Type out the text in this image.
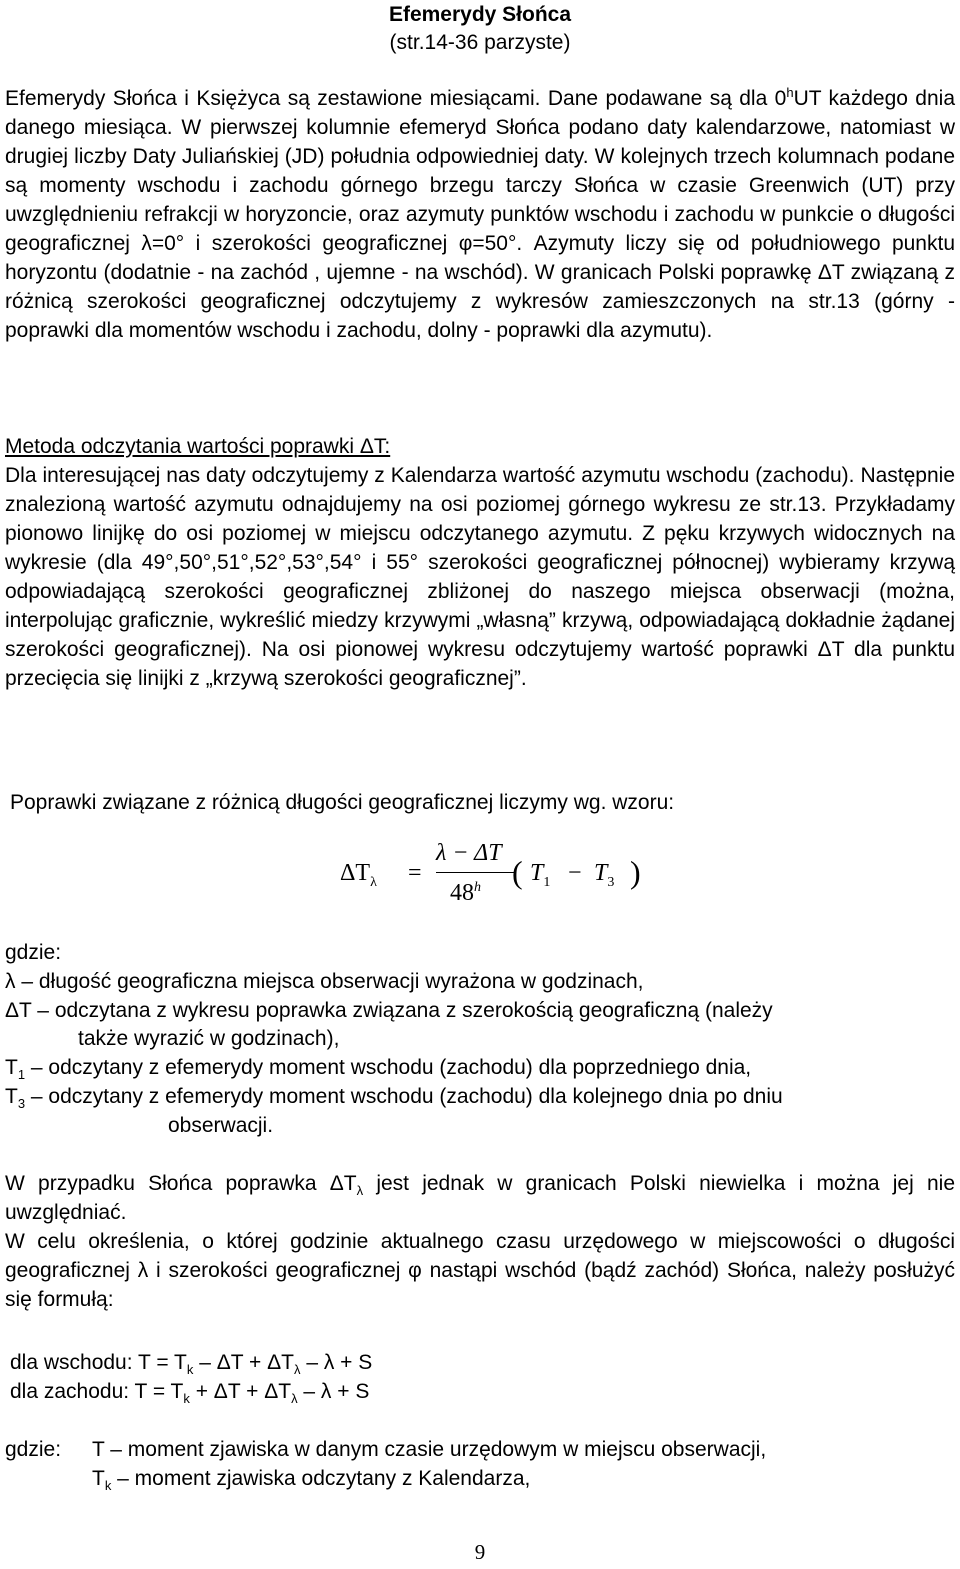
Efemerydy Słońca
(str.14-36 parzyste)

Efemerydy Słońca i Księżyca są zestawione miesiącami. Dane podawane są dla 0$^h$UT każdego dnia danego miesiąca. W pierwszej kolumnie efemeryd Słońca podano daty kalendarzowe, natomiast w drugiej liczby Daty Juliańskiej (JD) południa odpowiedniej daty. W kolejnych trzech kolumnach podane są momenty wschodu i zachodu górnego brzegu tarczy Słońca w czasie Greenwich (UT) przy uwzględnieniu refrakcji w horyzoncie, oraz azymuty punktów wschodu i zachodu w punkcie o długości geograficznej λ=0° i szerokości geograficznej φ=50°. Azymuty liczy się od południowego punktu horyzontu (dodatnie - na zachód , ujemne - na wschód). W granicach Polski poprawkę ΔT związaną z różnicą szerokości geograficznej odczytujemy z wykresów zamieszczonych na str.13 (górny - poprawki dla momentów wschodu i zachodu, dolny - poprawki dla azymutu).

Metoda odczytania wartości poprawki ΔT:

Dla interesującej nas daty odczytujemy z Kalendarza wartość azymutu wschodu (zachodu). Następnie znalezioną wartość azymutu odnajdujemy na osi poziomej górnego wykresu ze str.13. Przykładamy pionowo linijkę do osi poziomej w miejscu odczytanego azymutu. Z pęku krzywych widocznych na wykresie (dla 49°,50°,51°,52°,53°,54° i 55° szerokości geograficznej północnej) wybieramy krzywą odpowiadającą szerokości geograficznej zbliżonej do naszego miejsca obserwacji (można, interpolując graficznie, wykreślić miedzy krzywymi „własną” krzywą, odpowiadającą dokładnie żądanej szerokości geograficznej). Na osi pionowej wykresu odczytujemy wartość poprawki ΔT dla punktu przecięcia się linijki z „krzywą szerokości geograficznej”.

Poprawki związane z różnicą długości geograficznej liczymy wg. wzoru:
$\Delta T_\lambda$ =
λ − ΔT
48$^h$ ( $T_1 - T_3$ )
gdzie:
λ – długość geograficzna miejsca obserwacji wyrażona w godzinach,
ΔT – odczytana z wykresu poprawka związana z szerokością geograficzną (należy
także wyrazić w godzinach),
$T_1$ – odczytany z efemerydy moment wschodu (zachodu) dla poprzedniego dnia,
$T_3$ – odczytany z efemerydy moment wschodu (zachodu) dla kolejnego dnia po dniu
obserwacji.

W przypadku Słońca poprawka $\Delta T_\lambda$ jest jednak w granicach Polski niewielka i można jej nie uwzględniać.

W celu określenia, o której godzinie aktualnego czasu urzędowego w miejscowości o długości geograficznej λ i szerokości geograficznej φ nastąpi wschód (bądź zachód) Słońca, należy posłużyć się formułą:

dla wschodu: $T = T_k - \Delta T + \Delta T_\lambda - \lambda + S$
dla zachodu: $T = T_k + \Delta T + \Delta T_\lambda - \lambda + S$
gdzie: T – moment zjawiska w danym czasie urzędowym w miejscu obserwacji,
$T_k$ – moment zjawiska odczytany z Kalendarza,
9
